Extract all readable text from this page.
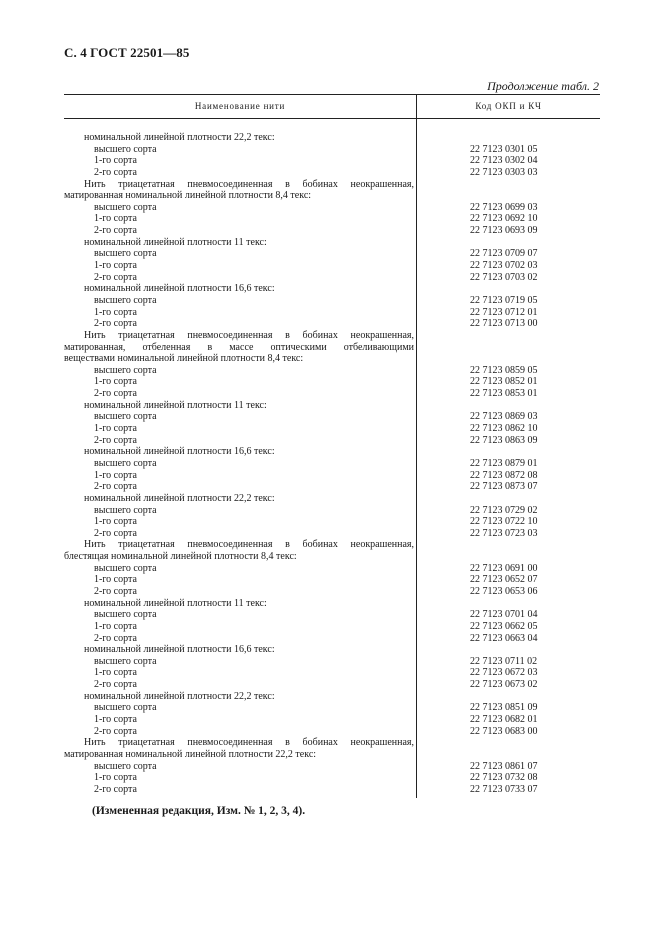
С. 4 ГОСТ 22501—85
Продолжение табл. 2
Наименование нити	Код ОКП и КЧ
номинальной линейной плотности 22,2 текс:
высшего сорта	22 7123 0301 05
1-го сорта	22 7123 0302 04
2-го сорта	22 7123 0303 03
Нить триацетатная пневмосоединенная в бобинах неокрашенная,
матированная номинальной линейной плотности 8,4 текс:
высшего сорта	22 7123 0699 03
1-го сорта	22 7123 0692 10
2-го сорта	22 7123 0693 09
номинальной линейной плотности 11 текс:
высшего сорта	22 7123 0709 07
1-го сорта	22 7123 0702 03
2-го сорта	22 7123 0703 02
номинальной линейной плотности 16,6 текс:
высшего сорта	22 7123 0719 05
1-го сорта	22 7123 0712 01
2-го сорта	22 7123 0713 00
Нить триацетатная пневмосоединенная в бобинах неокрашенная,
матированная, отбеленная в массе оптическими отбеливающими
веществами номинальной линейной плотности 8,4 текс:
высшего сорта	22 7123 0859 05
1-го сорта	22 7123 0852 01
2-го сорта	22 7123 0853 01
номинальной линейной плотности 11 текс:
высшего сорта	22 7123 0869 03
1-го сорта	22 7123 0862 10
2-го сорта	22 7123 0863 09
номинальной линейной плотности 16,6 текс:
высшего сорта	22 7123 0879 01
1-го сорта	22 7123 0872 08
2-го сорта	22 7123 0873 07
номинальной линейной плотности 22,2 текс:
высшего сорта	22 7123 0729 02
1-го сорта	22 7123 0722 10
2-го сорта	22 7123 0723 03
Нить триацетатная пневмосоединенная в бобинах неокрашенная,
блестящая номинальной линейной плотности 8,4 текс:
высшего сорта	22 7123 0691 00
1-го сорта	22 7123 0652 07
2-го сорта	22 7123 0653 06
номинальной линейной плотности 11 текс:
высшего сорта	22 7123 0701 04
1-го сорта	22 7123 0662 05
2-го сорта	22 7123 0663 04
номинальной линейной плотности 16,6 текс:
высшего сорта	22 7123 0711 02
1-го сорта	22 7123 0672 03
2-го сорта	22 7123 0673 02
номинальной линейной плотности 22,2 текс:
высшего сорта	22 7123 0851 09
1-го сорта	22 7123 0682 01
2-го сорта	22 7123 0683 00
Нить триацетатная пневмосоединенная в бобинах неокрашенная,
матированная номинальной линейной плотности 22,2 текс:
высшего сорта	22 7123 0861 07
1-го сорта	22 7123 0732 08
2-го сорта	22 7123 0733 07
(Измененная редакция, Изм. № 1, 2, 3, 4).
